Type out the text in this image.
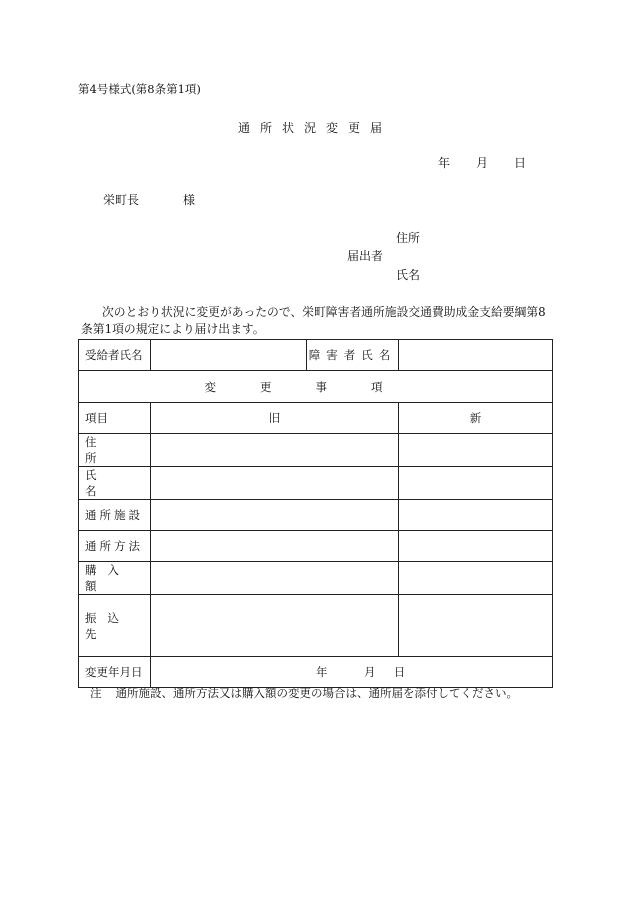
第4号様式(第8条第1項)
通所状況変更届
年 月 日
栄町長	様
住所
届出者
氏名
次のとおり状況に変更があったので、栄町障害者通所施設交通費助成金支給要綱第8
条第1項の規定により届け出ます。
受給者氏名		障害者氏名	
変更事項			

項目	旧		新
住所			
氏名			
通所施設			
通所方法			
購入額			
振込先			
変更年月日	年 月 日		
注 通所施設、通所方法又は購入額の変更の場合は、通所届を添付してください。
